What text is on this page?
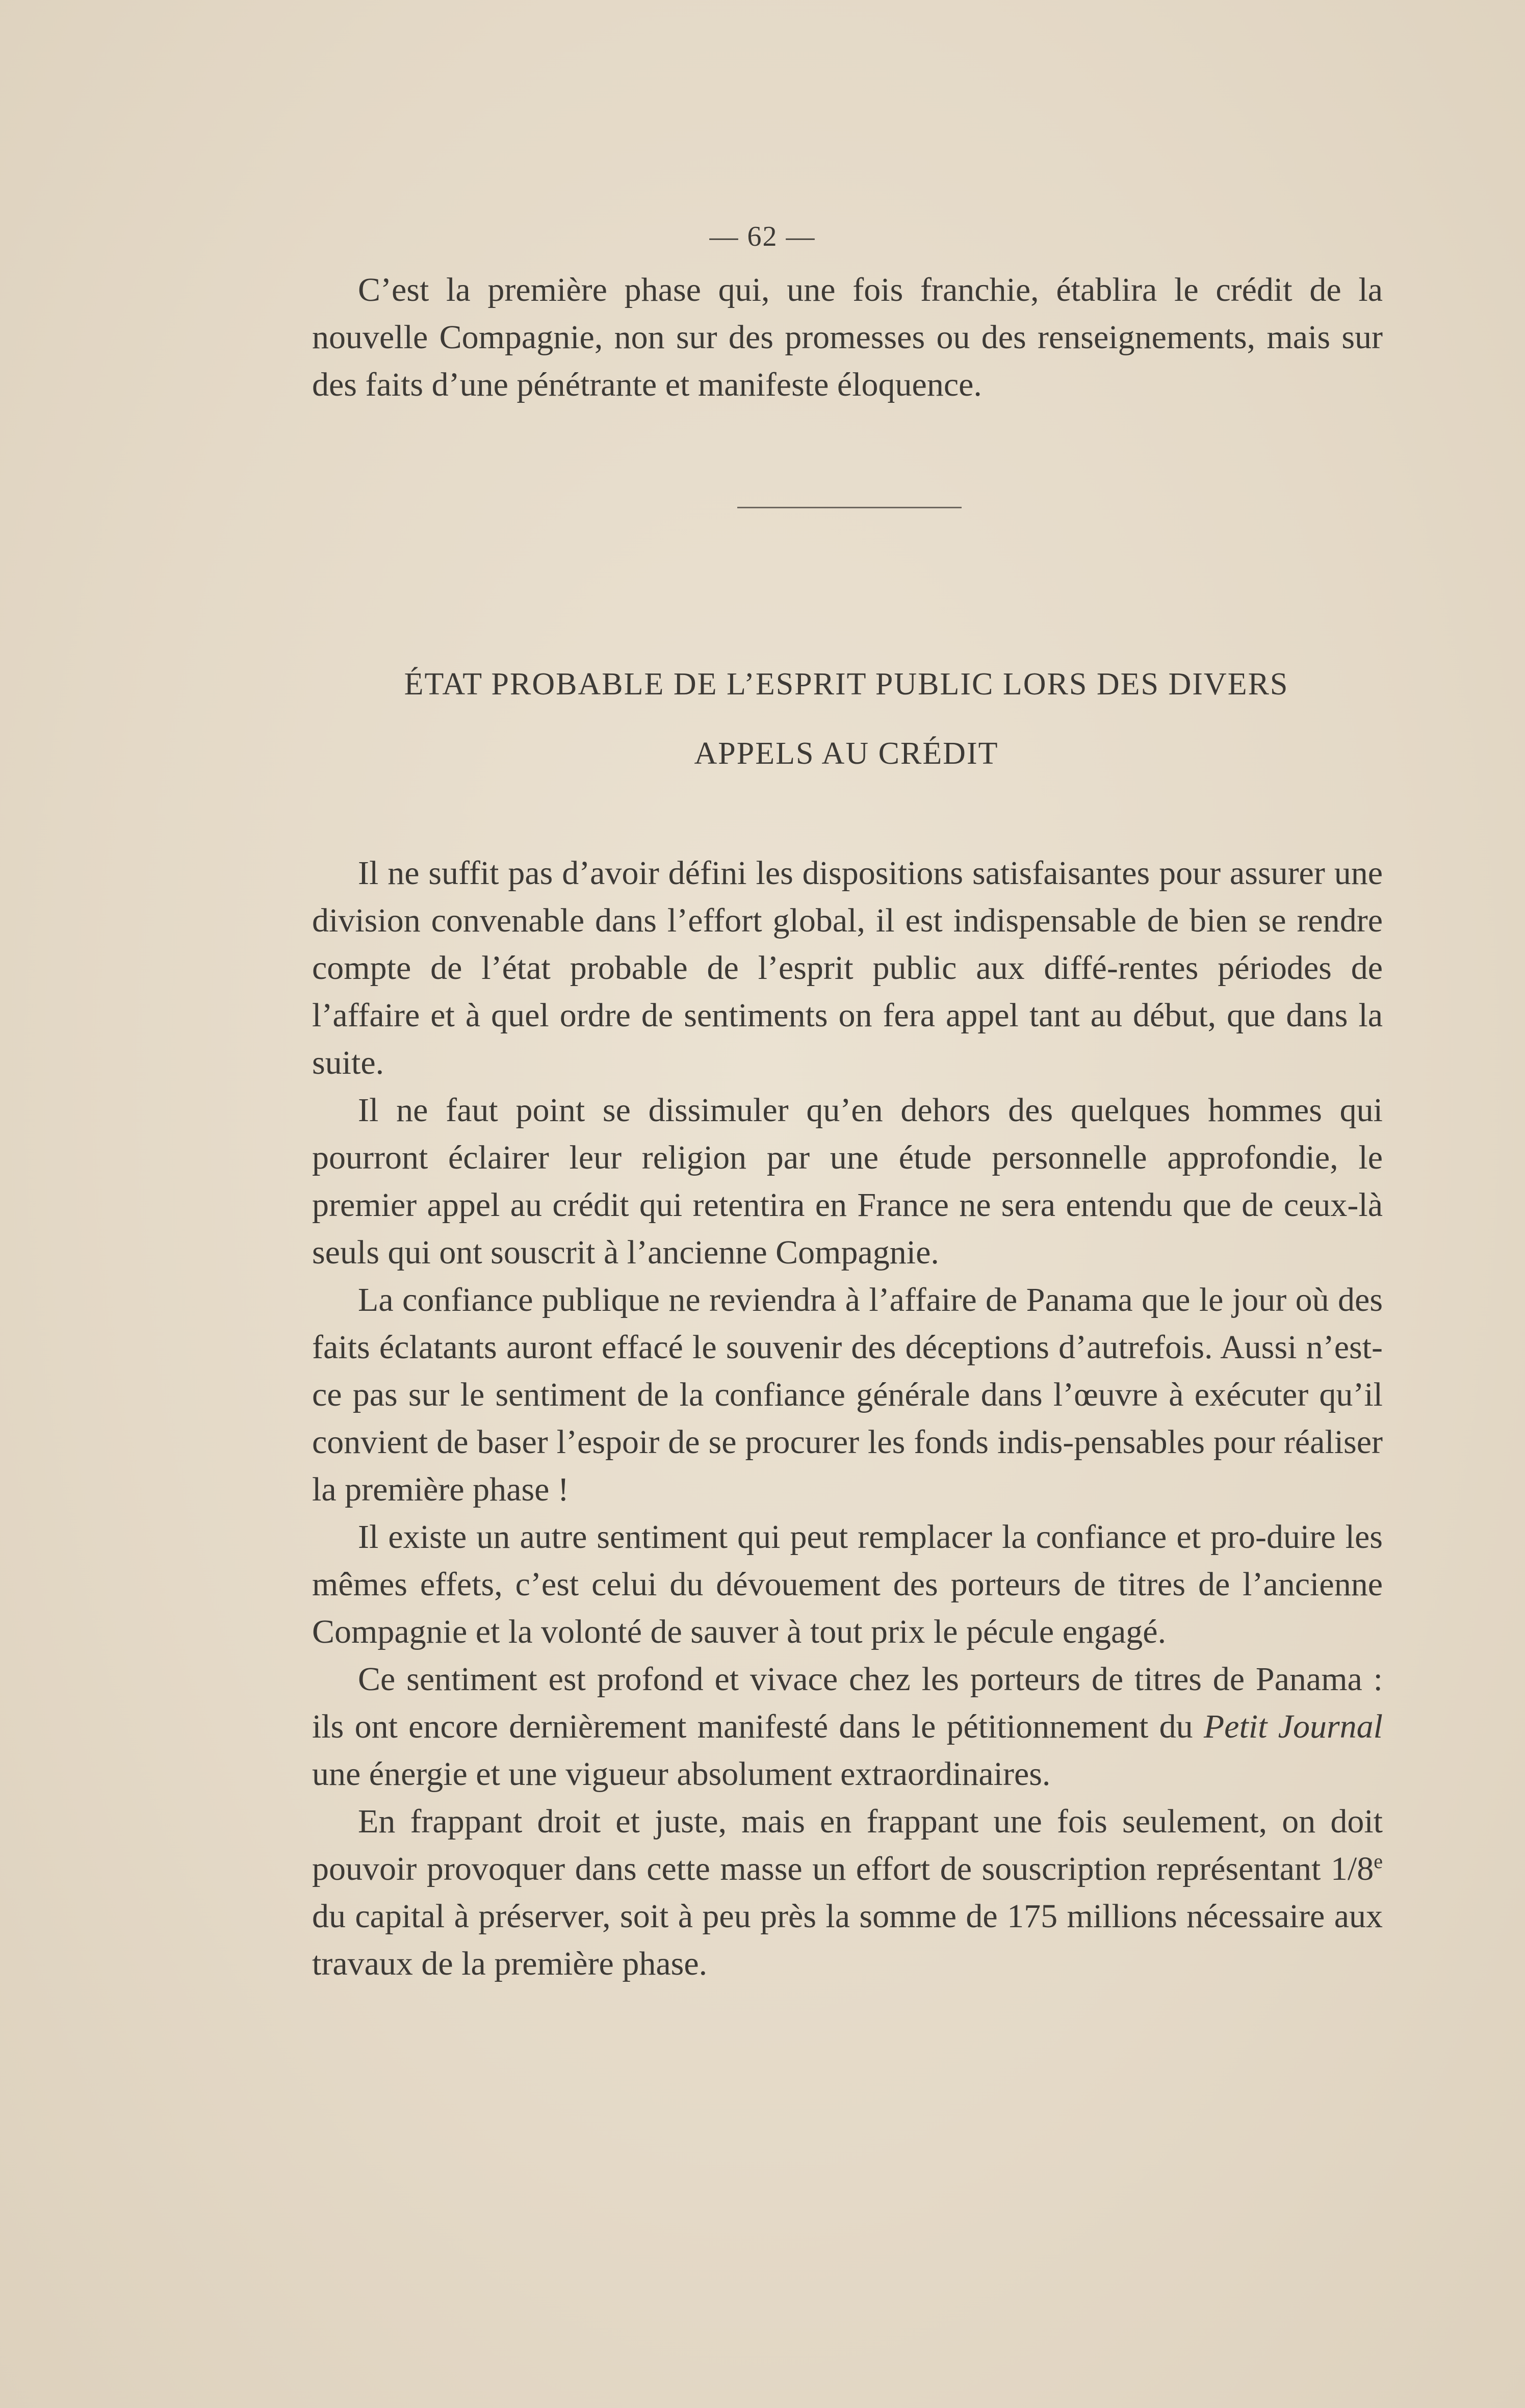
— 62 —

C’est la première phase qui, une fois franchie, établira le crédit de la nouvelle Compagnie, non sur des promesses ou des renseignements, mais sur des faits d’une pénétrante et manifeste éloquence.

ÉTAT PROBABLE DE L’ESPRIT PUBLIC LORS DES DIVERS
APPELS AU CRÉDIT

Il ne suffit pas d’avoir défini les dispositions satisfaisantes pour assurer une division convenable dans l’effort global, il est indispensable de bien se rendre compte de l’état probable de l’esprit public aux diffé-rentes périodes de l’affaire et à quel ordre de sentiments on fera appel tant au début, que dans la suite.

Il ne faut point se dissimuler qu’en dehors des quelques hommes qui pourront éclairer leur religion par une étude personnelle approfondie, le premier appel au crédit qui retentira en France ne sera entendu que de ceux-là seuls qui ont souscrit à l’ancienne Compagnie.

La confiance publique ne reviendra à l’affaire de Panama que le jour où des faits éclatants auront effacé le souvenir des déceptions d’autrefois. Aussi n’est-ce pas sur le sentiment de la confiance générale dans l’œuvre à exécuter qu’il convient de baser l’espoir de se procurer les fonds indis-pensables pour réaliser la première phase !

Il existe un autre sentiment qui peut remplacer la confiance et pro-duire les mêmes effets, c’est celui du dévouement des porteurs de titres de l’ancienne Compagnie et la volonté de sauver à tout prix le pécule engagé.

Ce sentiment est profond et vivace chez les porteurs de titres de Panama : ils ont encore dernièrement manifesté dans le pétitionnement du Petit Journal une énergie et une vigueur absolument extraordinaires.

En frappant droit et juste, mais en frappant une fois seulement, on doit pouvoir provoquer dans cette masse un effort de souscription représentant 1/8e du capital à préserver, soit à peu près la somme de 175 millions nécessaire aux travaux de la première phase.
